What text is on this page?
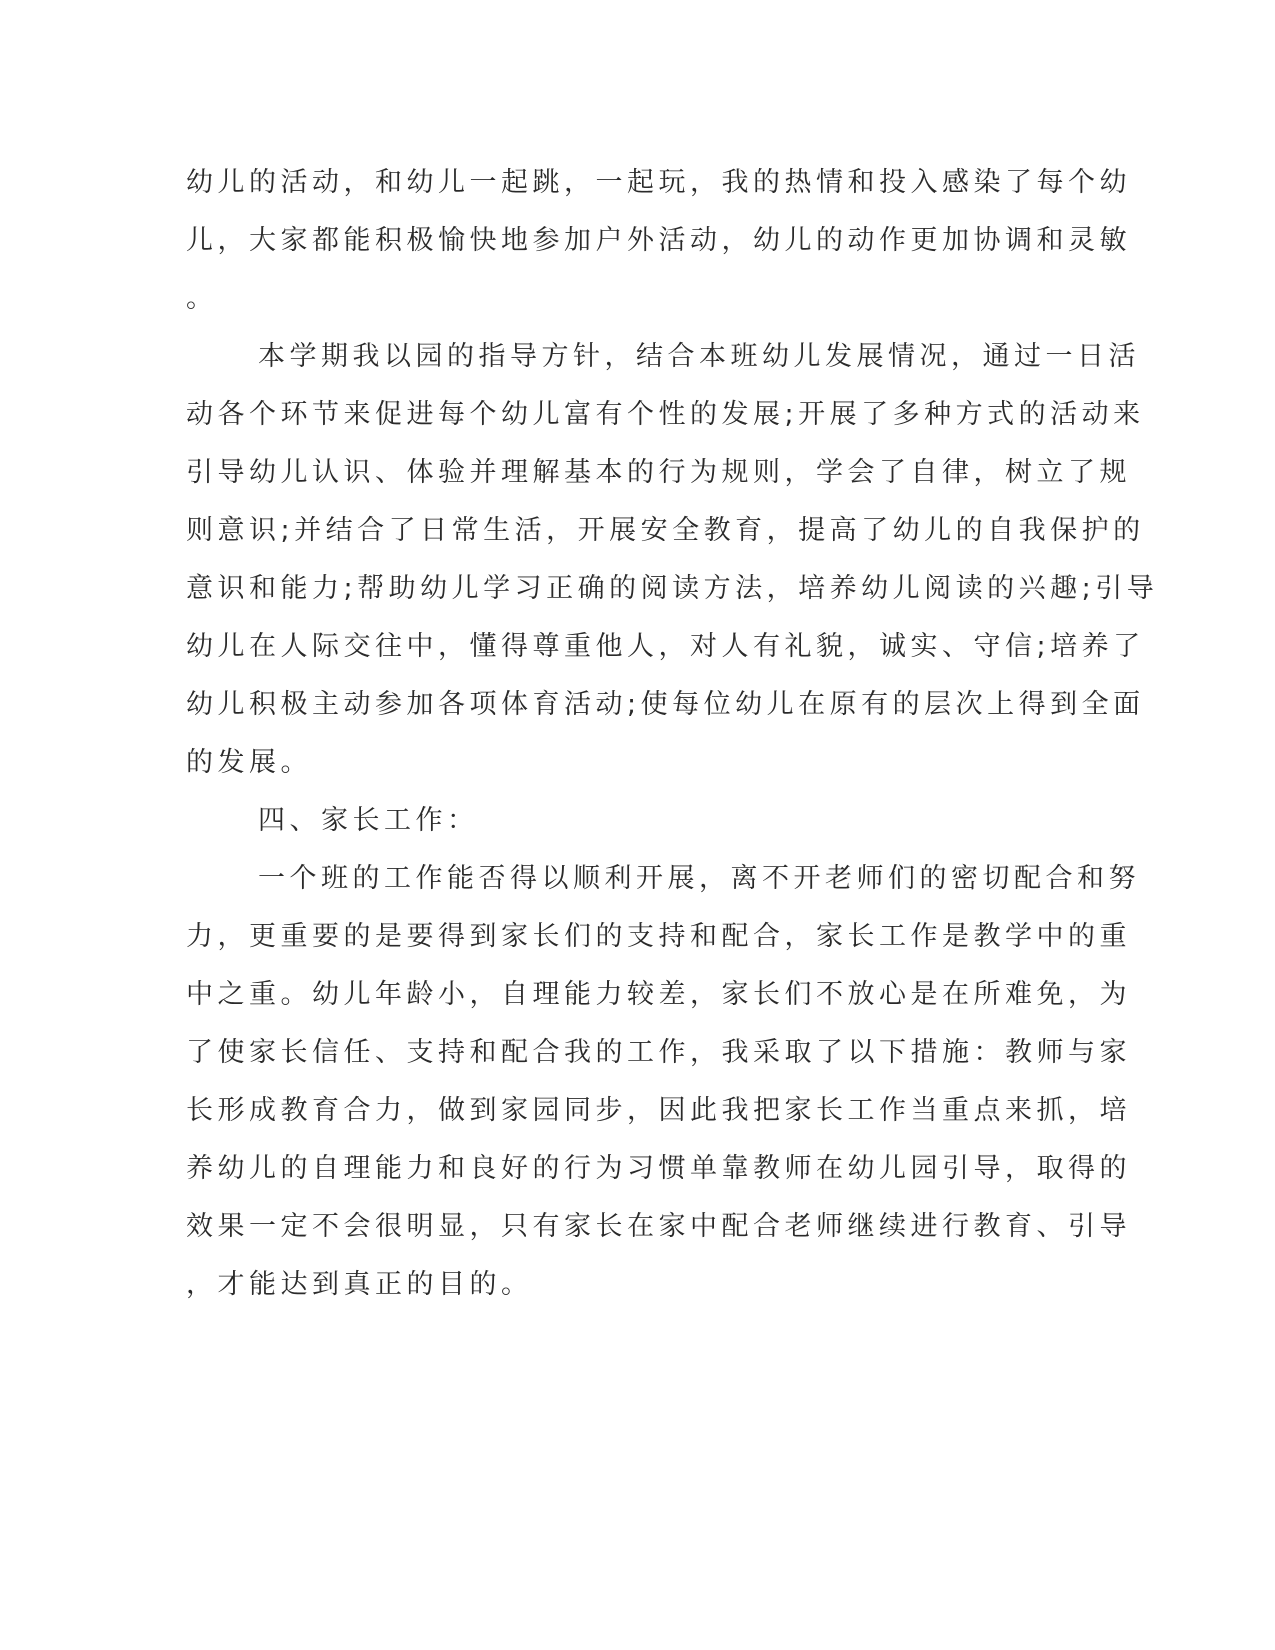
幼儿的活动，和幼儿一起跳，一起玩，我的热情和投入感染了每个幼

儿，大家都能积极愉快地参加户外活动，幼儿的动作更加协调和灵敏

。

本学期我以园的指导方针，结合本班幼儿发展情况，通过一日活

动各个环节来促进每个幼儿富有个性的发展;开展了多种方式的活动来

引导幼儿认识、体验并理解基本的行为规则，学会了自律，树立了规

则意识;并结合了日常生活，开展安全教育，提高了幼儿的自我保护的

意识和能力;帮助幼儿学习正确的阅读方法，培养幼儿阅读的兴趣;引导

幼儿在人际交往中，懂得尊重他人，对人有礼貌，诚实、守信;培养了

幼儿积极主动参加各项体育活动;使每位幼儿在原有的层次上得到全面

的发展。

四、家长工作：

一个班的工作能否得以顺利开展，离不开老师们的密切配合和努

力，更重要的是要得到家长们的支持和配合，家长工作是教学中的重

中之重。幼儿年龄小，自理能力较差，家长们不放心是在所难免，为

了使家长信任、支持和配合我的工作，我采取了以下措施：教师与家

长形成教育合力，做到家园同步，因此我把家长工作当重点来抓，培

养幼儿的自理能力和良好的行为习惯单靠教师在幼儿园引导，取得的

效果一定不会很明显，只有家长在家中配合老师继续进行教育、引导

，才能达到真正的目的。
